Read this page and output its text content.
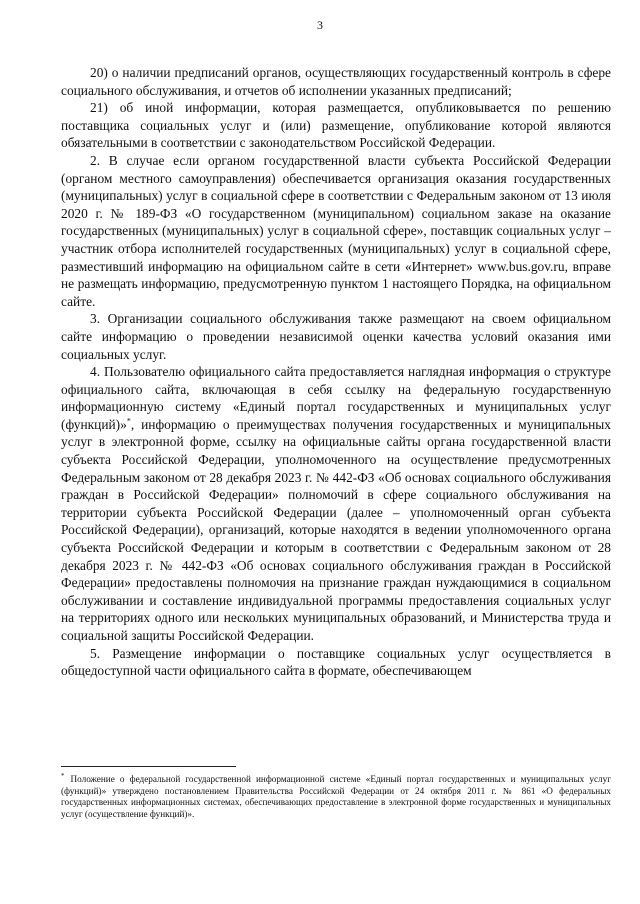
3

20) о наличии предписаний органов, осуществляющих государственный контроль в сфере социального обслуживания, и отчетов об исполнении указанных предписаний;

21) об иной информации, которая размещается, опубликовывается по решению поставщика социальных услуг и (или) размещение, опубликование которой являются обязательными в соответствии с законодательством Российской Федерации.

2. В случае если органом государственной власти субъекта Российской Федерации (органом местного самоуправления) обеспечивается организация оказания государственных (муниципальных) услуг в социальной сфере в соответствии с Федеральным законом от 13 июля 2020 г. № 189-ФЗ «О государственном (муниципальном) социальном заказе на оказание государственных (муниципальных) услуг в социальной сфере», поставщик социальных услуг – участник отбора исполнителей государственных (муниципальных) услуг в социальной сфере, разместивший информацию на официальном сайте в сети «Интернет» www.bus.gov.ru, вправе не размещать информацию, предусмотренную пунктом 1 настоящего Порядка, на официальном сайте.

3. Организации социального обслуживания также размещают на своем официальном сайте информацию о проведении независимой оценки качества условий оказания ими социальных услуг.

4. Пользователю официального сайта предоставляется наглядная информация о структуре официального сайта, включающая в себя ссылку на федеральную государственную информационную систему «Единый портал государственных и муниципальных услуг (функций)»*, информацию о преимуществах получения государственных и муниципальных услуг в электронной форме, ссылку на официальные сайты органа государственной власти субъекта Российской Федерации, уполномоченного на осуществление предусмотренных Федеральным законом от 28 декабря 2023 г. № 442-ФЗ «Об основах социального обслуживания граждан в Российской Федерации» полномочий в сфере социального обслуживания на территории субъекта Российской Федерации (далее – уполномоченный орган субъекта Российской Федерации), организаций, которые находятся в ведении уполномоченного органа субъекта Российской Федерации и которым в соответствии с Федеральным законом от 28 декабря 2023 г. № 442-ФЗ «Об основах социального обслуживания граждан в Российской Федерации» предоставлены полномочия на признание граждан нуждающимися в социальном обслуживании и составление индивидуальной программы предоставления социальных услуг на территориях одного или нескольких муниципальных образований, и Министерства труда и социальной защиты Российской Федерации.

5. Размещение информации о поставщике социальных услуг осуществляется в общедоступной части официального сайта в формате, обеспечивающем

* Положение о федеральной государственной информационной системе «Единый портал государственных и муниципальных услуг (функций)» утверждено постановлением Правительства Российской Федерации от 24 октября 2011 г. № 861 «О федеральных государственных информационных системах, обеспечивающих предоставление в электронной форме государственных и муниципальных услуг (осуществление функций)».
